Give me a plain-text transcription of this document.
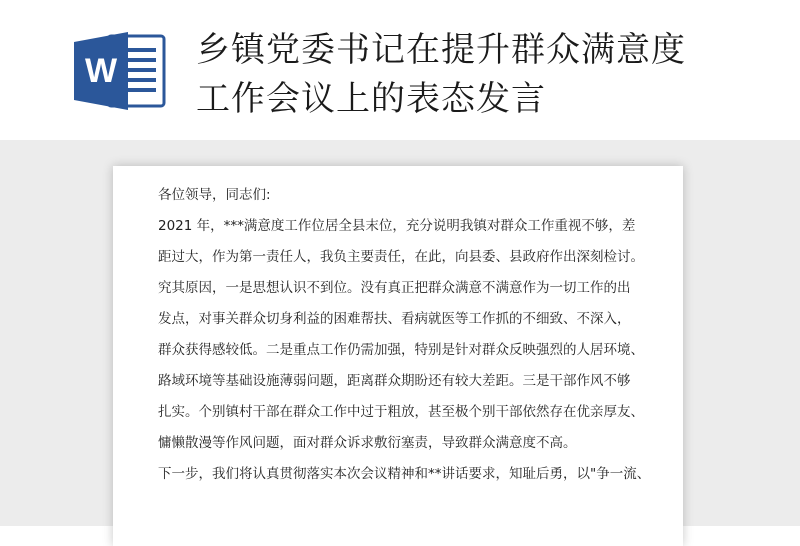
W
乡镇党委书记在提升群众满意度
工作会议上的表态发言
各位领导，同志们:
2021 年，***满意度工作位居全县末位，充分说明我镇对群众工作重视不够，差
距过大，作为第一责任人，我负主要责任，在此，向县委、县政府作出深刻检讨。
究其原因，一是思想认识不到位。没有真正把群众满意不满意作为一切工作的出
发点，对事关群众切身利益的困难帮扶、看病就医等工作抓的不细致、不深入，
群众获得感较低。二是重点工作仍需加强，特别是针对群众反映强烈的人居环境、
路域环境等基础设施薄弱问题，距离群众期盼还有较大差距。三是干部作风不够
扎实。个别镇村干部在群众工作中过于粗放，甚至极个别干部依然存在优亲厚友、
慵懒散漫等作风问题，面对群众诉求敷衍塞责，导致群众满意度不高。
下一步，我们将认真贯彻落实本次会议精神和**讲话要求，知耻后勇，以"争一流、
